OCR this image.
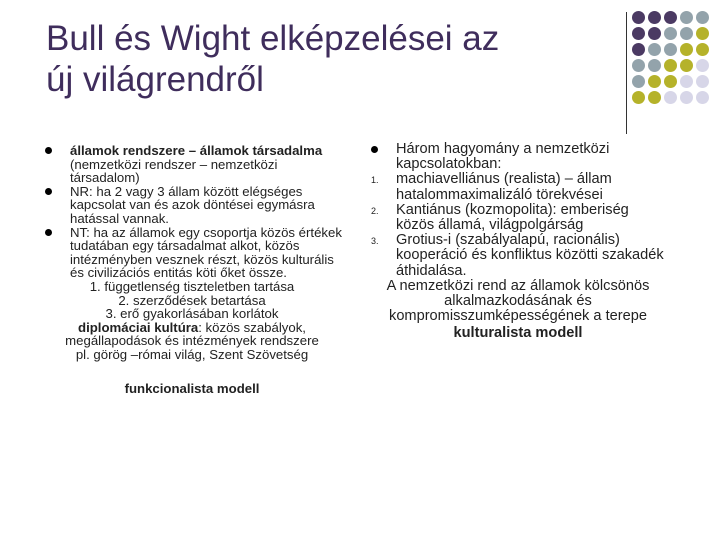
Bull és Wight elképzelései az
új világrendről
államok rendszere – államok társadalma
(nemzetközi rendszer – nemzetközi társadalom)
NR: ha 2 vagy 3 állam között elégséges kapcsolat van és azok döntései egymásra hatással vannak.
NT: ha az államok egy csoportja közös értékek tudatában egy társadalmat alkot, közös intézményben vesznek részt, közös kulturális és civilizációs entitás köti őket össze.
1. függetlenség tiszteletben tartása
2. szerződések betartása
3. erő gyakorlásában korlátok
diplomáciai kultúra: közös szabályok, megállapodások és intézmények rendszere
pl. görög –római világ, Szent Szövetség
funkcionalista modell
Három hagyomány a nemzetközi kapcsolatokban:
1. machiavelliánus (realista) – állam hatalommaximalizáló törekvései
2. Kantiánus (kozmopolita): emberiség közös államá, világpolgárság
3. Grotius-i (szabályalapú, racionális) kooperáció és konfliktus közötti szakadék áthidalása.
A nemzetközi rend az államok kölcsönös alkalmazkodásának és kompromisszumképességének a terepe
kulturalista modell
